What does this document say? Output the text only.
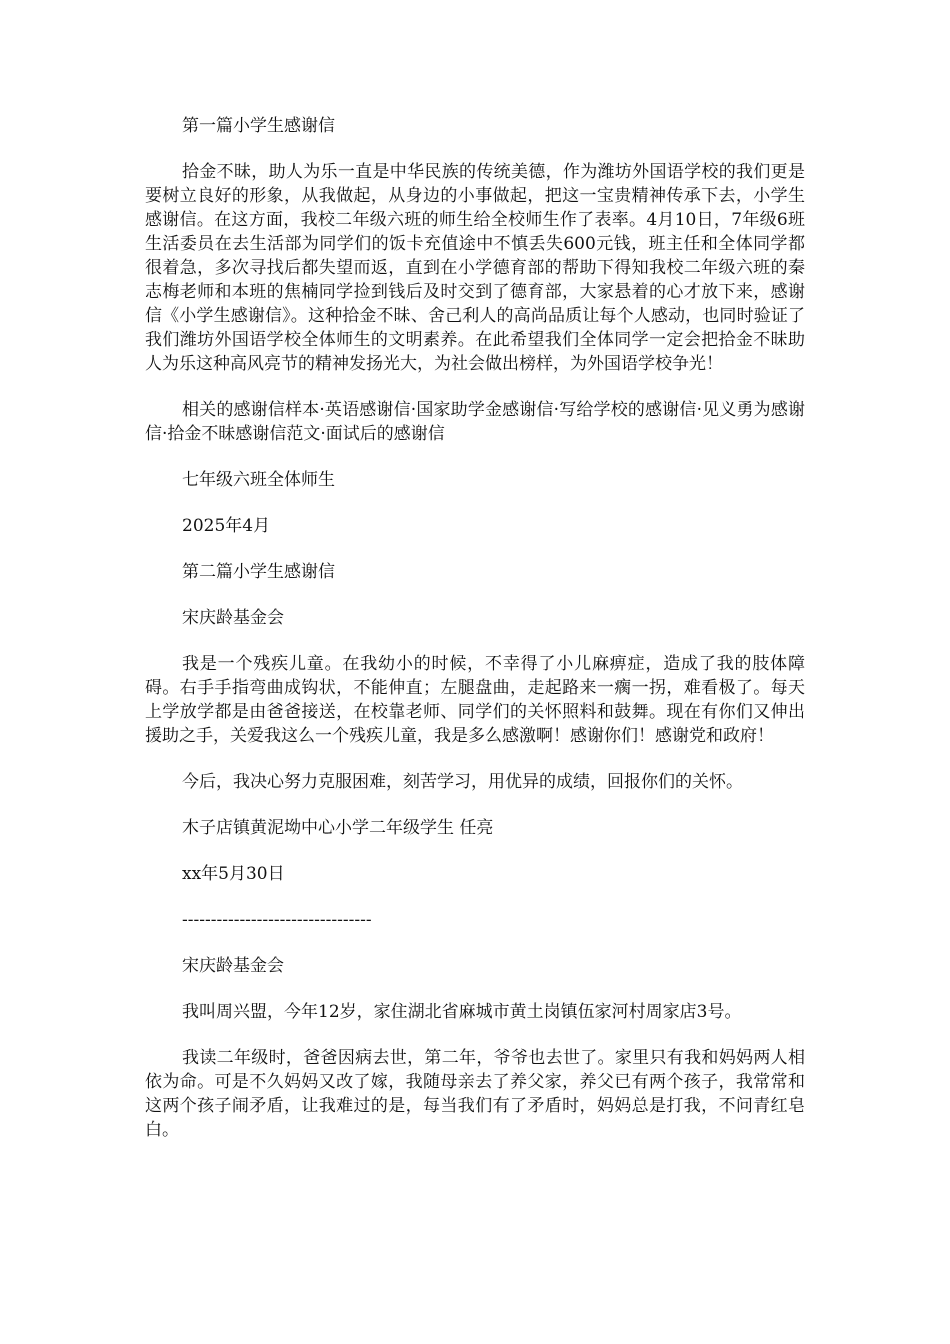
第一篇小学生感谢信

拾金不昧，助人为乐一直是中华民族的传统美德，作为潍坊外国语学校的我们更是要树立良好的形象，从我做起，从身边的小事做起，把这一宝贵精神传承下去，小学生感谢信。在这方面，我校二年级六班的师生给全校师生作了表率。4月10日，7年级6班生活委员在去生活部为同学们的饭卡充值途中不慎丢失600元钱，班主任和全体同学都很着急，多次寻找后都失望而返，直到在小学德育部的帮助下得知我校二年级六班的秦志梅老师和本班的焦楠同学捡到钱后及时交到了德育部，大家悬着的心才放下来，感谢信《小学生感谢信》。这种拾金不昧、舍己利人的高尚品质让每个人感动，也同时验证了我们潍坊外国语学校全体师生的文明素养。在此希望我们全体同学一定会把拾金不昧助人为乐这种高风亮节的精神发扬光大，为社会做出榜样，为外国语学校争光！

相关的感谢信样本·英语感谢信·国家助学金感谢信·写给学校的感谢信·见义勇为感谢信·拾金不昧感谢信范文·面试后的感谢信

七年级六班全体师生

2025年4月

第二篇小学生感谢信

宋庆龄基金会

我是一个残疾儿童。在我幼小的时候，不幸得了小儿麻痹症，造成了我的肢体障碍。右手手指弯曲成钩状，不能伸直；左腿盘曲，走起路来一瘸一拐，难看极了。每天上学放学都是由爸爸接送，在校靠老师、同学们的关怀照料和鼓舞。现在有你们又伸出援助之手，关爱我这么一个残疾儿童，我是多么感激啊！感谢你们！感谢党和政府！

今后，我决心努力克服困难，刻苦学习，用优异的成绩，回报你们的关怀。

木子店镇黄泥坳中心小学二年级学生 任亮

xx年5月30日

---------------------------------

宋庆龄基金会

我叫周兴盟，今年12岁，家住湖北省麻城市黄土岗镇伍家河村周家店3号。

我读二年级时，爸爸因病去世，第二年，爷爷也去世了。家里只有我和妈妈两人相依为命。可是不久妈妈又改了嫁，我随母亲去了养父家，养父已有两个孩子，我常常和这两个孩子闹矛盾，让我难过的是，每当我们有了矛盾时，妈妈总是打我，不问青红皂白。
